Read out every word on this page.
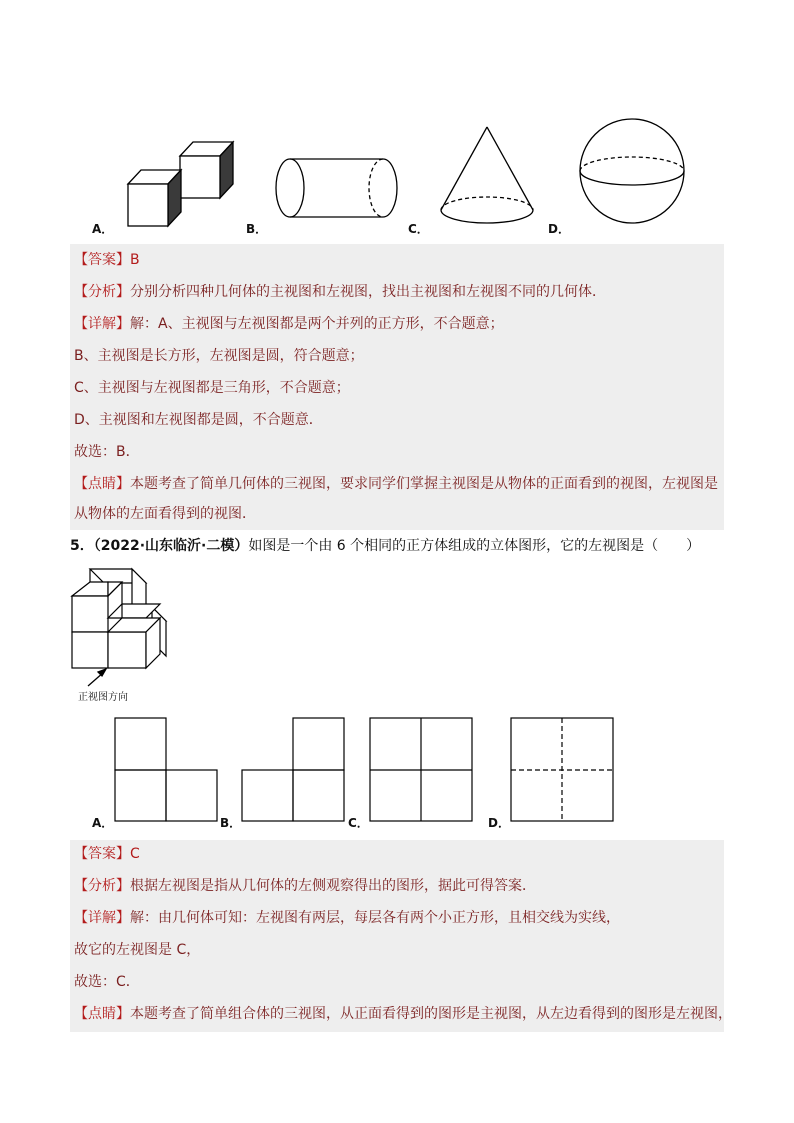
A．	B．	C．	D．
【答案】B
【分析】分别分析四种几何体的主视图和左视图，找出主视图和左视图不同的几何体．
【详解】解：A、主视图与左视图都是两个并列的正方形，不合题意；
B、主视图是长方形，左视图是圆，符合题意；
C、主视图与左视图都是三角形，不合题意；
D、主视图和左视图都是圆，不合题意．
故选：B．
【点睛】本题考查了简单几何体的三视图，要求同学们掌握主视图是从物体的正面看到的视图，左视图是
从物体的左面看得到的视图．
5．（2022·山东临沂·二模）如图是一个由 6 个相同的正方体组成的立体图形，它的左视图是（　　）
正视图方向
A．	B．	C．	D．
【答案】C
【分析】根据左视图是指从几何体的左侧观察得出的图形，据此可得答案．
【详解】解：由几何体可知：左视图有两层，每层各有两个小正方形，且相交线为实线，
故它的左视图是 C，
故选：C．
【点睛】本题考查了简单组合体的三视图，从正面看得到的图形是主视图，从左边看得到的图形是左视图，
